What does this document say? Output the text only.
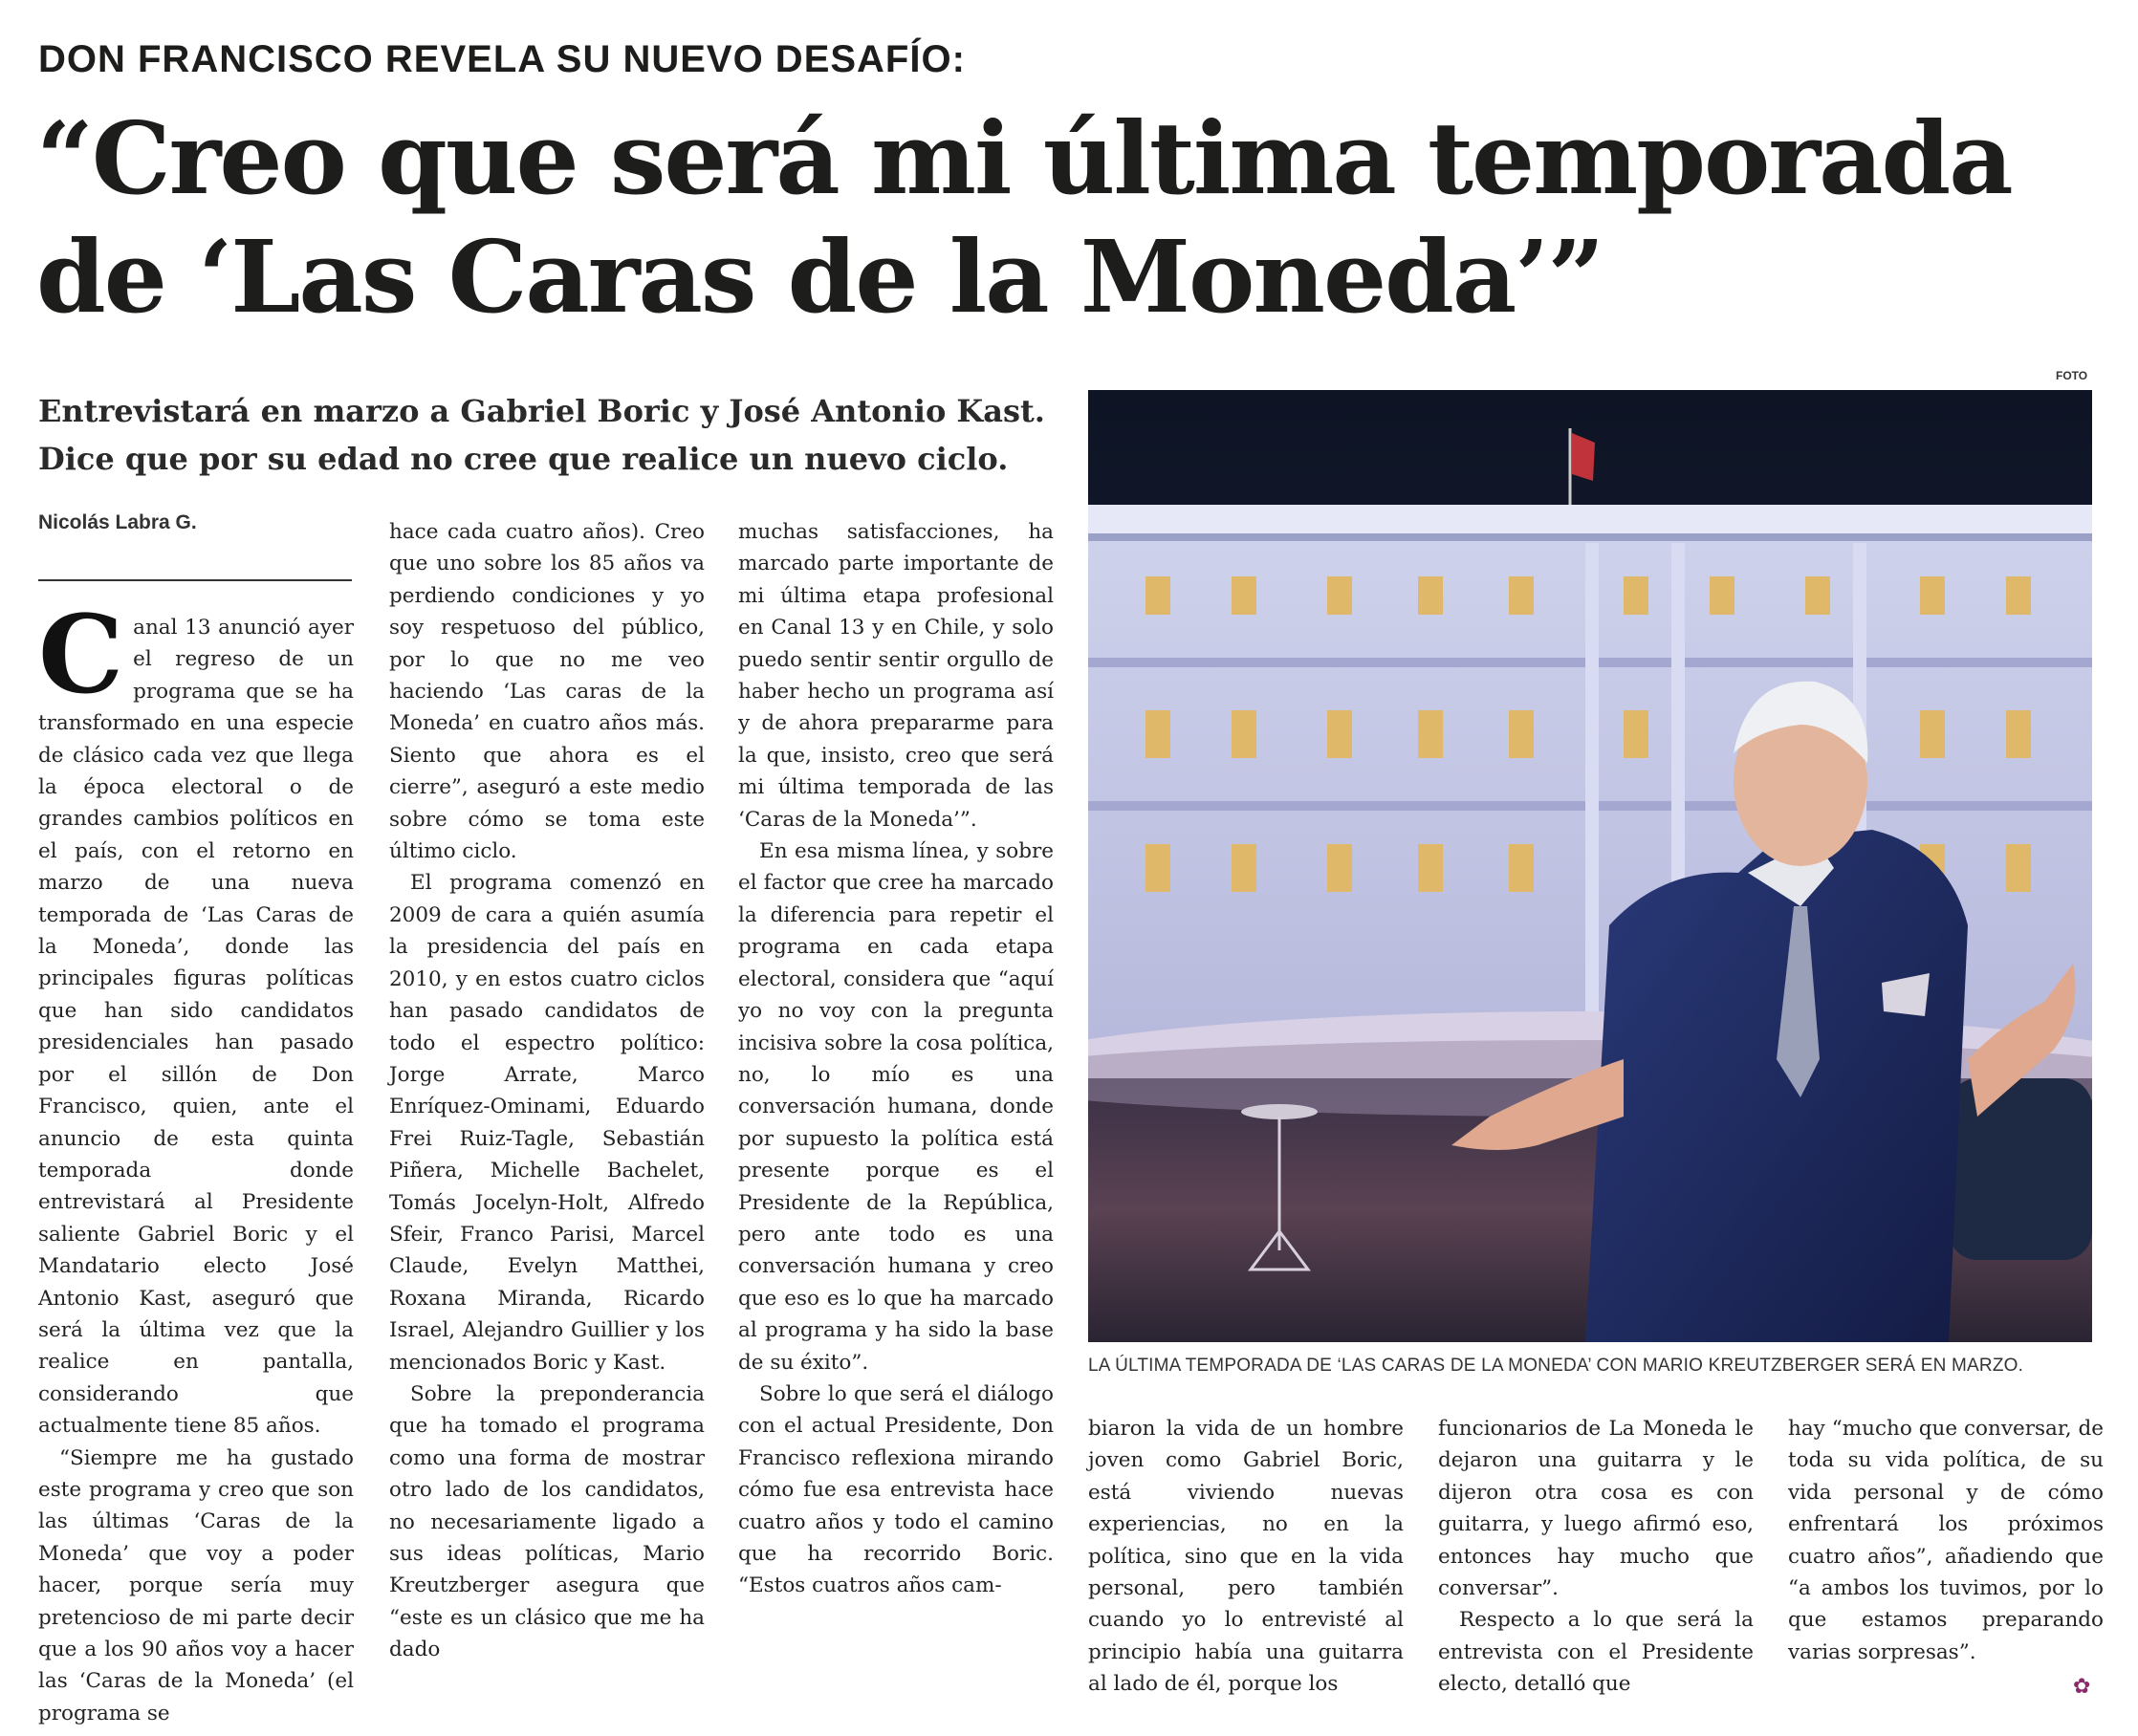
DON FRANCISCO REVELA SU NUEVO DESAFÍO:
“Creo que será mi última temporada
de ‘Las Caras de la Moneda’”
Entrevistará en marzo a Gabriel Boric y José Antonio Kast.
Dice que por su edad no cree que realice un nuevo ciclo.
Nicolás Labra G.

Canal 13 anunció ayer el regreso de un programa que se ha transformado en una especie de clásico cada vez que llega la época electoral o de grandes cambios políticos en el país, con el retorno en marzo de una nueva temporada de ‘Las Caras de la Moneda’, donde las principales figuras políticas que han sido candidatos presidenciales han pasado por el sillón de Don Francisco, quien, ante el anuncio de esta quinta temporada donde entrevistará al Presidente saliente Gabriel Boric y el Mandatario electo José Antonio Kast, aseguró que será la última vez que la realice en pantalla, considerando que actualmente tiene 85 años.

“Siempre me ha gustado este programa y creo que son las últimas ‘Caras de la Moneda’ que voy a poder hacer, porque sería muy pretencioso de mi parte decir que a los 90 años voy a hacer las ‘Caras de la Moneda’ (el programa se

hace cada cuatro años). Creo que uno sobre los 85 años va perdiendo condiciones y yo soy respetuoso del público, por lo que no me veo haciendo ‘Las caras de la Moneda’ en cuatro años más. Siento que ahora es el cierre”, aseguró a este medio sobre cómo se toma este último ciclo.

El programa comenzó en 2009 de cara a quién asumía la presidencia del país en 2010, y en estos cuatro ciclos han pasado candidatos de todo el espectro político: Jorge Arrate, Marco Enríquez-Ominami, Eduardo Frei Ruiz-Tagle, Sebastián Piñera, Michelle Bachelet, Tomás Jocelyn-Holt, Alfredo Sfeir, Franco Parisi, Marcel Claude, Evelyn Matthei, Roxana Miranda, Ricardo Israel, Alejandro Guillier y los mencionados Boric y Kast.

Sobre la preponderancia que ha tomado el programa como una forma de mostrar otro lado de los candidatos, no necesariamente ligado a sus ideas políticas, Mario Kreutzberger asegura que “este es un clásico que me ha dado

muchas satisfacciones, ha marcado parte importante de mi última etapa profesional en Canal 13 y en Chile, y solo puedo sentir sentir orgullo de haber hecho un programa así y de ahora prepararme para la que, insisto, creo que será mi última temporada de las ‘Caras de la Moneda’”.

En esa misma línea, y sobre el factor que cree ha marcado la diferencia para repetir el programa en cada etapa electoral, considera que “aquí yo no voy con la pregunta incisiva sobre la cosa política, no, lo mío es una conversación humana, donde por supuesto la política está presente porque es el Presidente de la República, pero ante todo es una conversación humana y creo que eso es lo que ha marcado al programa y ha sido la base de su éxito”.

Sobre lo que será el diálogo con el actual Presidente, Don Francisco reflexiona mirando cómo fue esa entrevista hace cuatro años y todo el camino que ha recorrido Boric. “Estos cuatros años cam-

FOTO
LA ÚLTIMA TEMPORADA DE ‘LAS CARAS DE LA MONEDA’ CON MARIO KREUTZBERGER SERÁ EN MARZO.

biaron la vida de un hombre joven como Gabriel Boric, está viviendo nuevas experiencias, no en la política, sino que en la vida personal, pero también cuando yo lo entrevisté al principio había una guitarra al lado de él, porque los

funcionarios de La Moneda le dejaron una guitarra y le dijeron otra cosa es con guitarra, y luego afirmó eso, entonces hay mucho que conversar”.

Respecto a lo que será la entrevista con el Presidente electo, detalló que

hay “mucho que conversar, de toda su vida política, de su vida personal y de cómo enfrentará los próximos cuatro años”, añadiendo que “a ambos los tuvimos, por lo que estamos preparando varias sorpresas”.

✿
